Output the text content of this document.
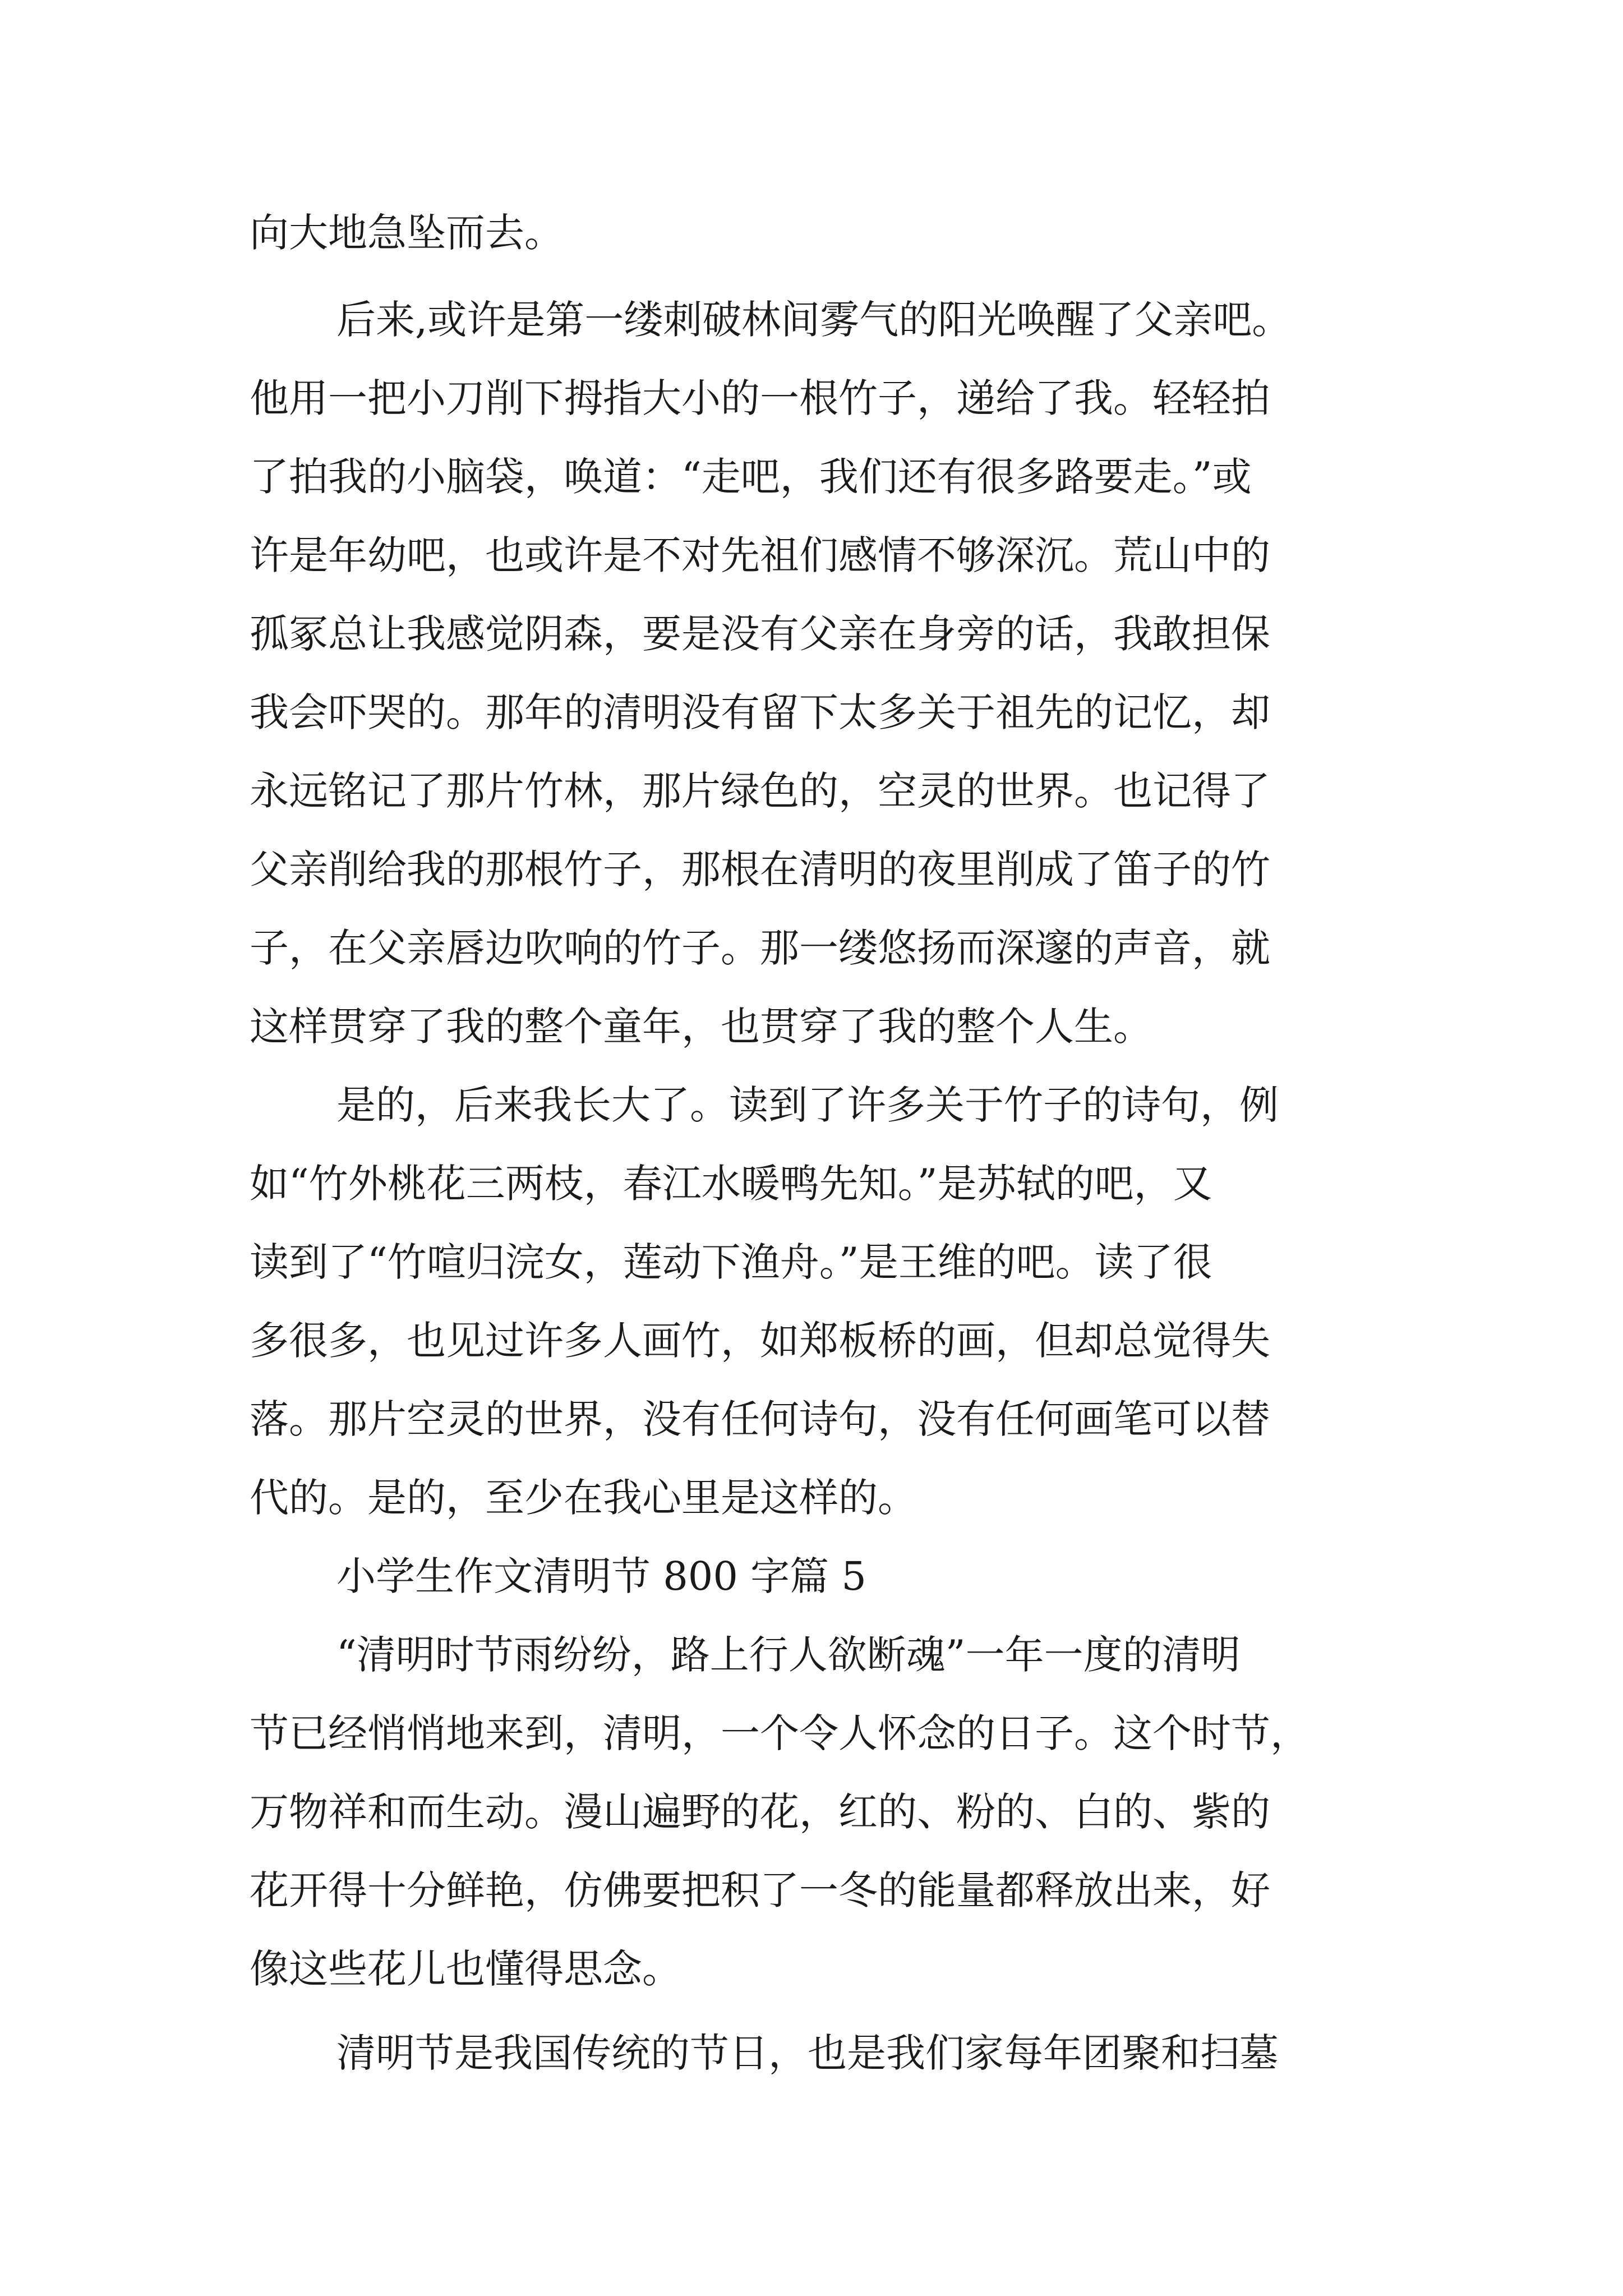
向大地急坠而去。
后来,或许是第一缕刺破林间雾气的阳光唤醒了父亲吧。
他用一把小刀削下拇指大小的一根竹子，递给了我。轻轻拍
了拍我的小脑袋，唤道：“走吧，我们还有很多路要走。”或
许是年幼吧，也或许是不对先祖们感情不够深沉。荒山中的
孤冢总让我感觉阴森，要是没有父亲在身旁的话，我敢担保
我会吓哭的。那年的清明没有留下太多关于祖先的记忆，却
永远铭记了那片竹林，那片绿色的，空灵的世界。也记得了
父亲削给我的那根竹子，那根在清明的夜里削成了笛子的竹
子，在父亲唇边吹响的竹子。那一缕悠扬而深邃的声音，就
这样贯穿了我的整个童年，也贯穿了我的整个人生。
是的，后来我长大了。读到了许多关于竹子的诗句，例
如“竹外桃花三两枝，春江水暖鸭先知。”是苏轼的吧，又
读到了“竹喧归浣女，莲动下渔舟。”是王维的吧。读了很
多很多，也见过许多人画竹，如郑板桥的画，但却总觉得失
落。那片空灵的世界，没有任何诗句，没有任何画笔可以替
代的。是的，至少在我心里是这样的。
小学生作文清明节 800 字篇 5
“清明时节雨纷纷，路上行人欲断魂”一年一度的清明
节已经悄悄地来到，清明，一个令人怀念的日子。这个时节，
万物祥和而生动。漫山遍野的花，红的、粉的、白的、紫的
花开得十分鲜艳，仿佛要把积了一冬的能量都释放出来，好
像这些花儿也懂得思念。
清明节是我国传统的节日，也是我们家每年团聚和扫墓
